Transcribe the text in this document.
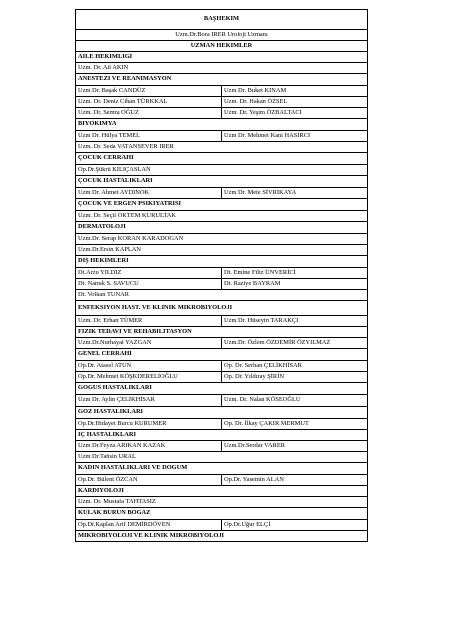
BAŞHEKİM
Uzm.Dr.Bora İRER Üroloji Uzmanı
UZMAN HEKİMLER
AİLE HEKİMLİĞİ
Uzm. Dr. Ali AKIN
ANESTEZİ VE REANİMASYON
Uzm Dr. Başak CANDÜZ	Uzm Dr. Buket KINAM
Uzm. Dr. Deniz Cihan TÜRKKAL	Uzm. Dr. Hakan ÖZSEL
Uzm. Dr. Semra OĞUZ	Uzm. Dr. Yeşim ÖZBALTACI
BİYOKİMYA
Uzm Dr. Hülya TEMEL	Uzm Dr. Mehmet Kani HASIRCI
Uzm. Dr. Seda VATANSEVER İRER
ÇOCUK CERRAHİ
Op.Dr.Şükrü KILIÇASLAN
ÇOCUK HASTALIKLARI
Uzm Dr. Ahmet AYDINOK	Uzm Dr. Mete SİVRİKAYA
ÇOCUK VE ERGEN PSİKİYATRİSİ
Uzm. Dr. Seçil ÖKTEM KURULTAK
DERMATOLOJİ
Uzm.Dr. Serap KÖRAN KARADOĞAN
Uzm.Dr.Ersin KAPLAN
DİŞ HEKİMLERİ
Dt.Arzu YILDIZ	Dt. Emine Filiz ÜNVERİCİ
Dt. Namık S. SAVUCU	Dt. Raziye BAYRAM
Dt. Volkan TUNAR
ENFEKSİYON HAST. VE KLİNİK MİKROBİYOLOJİ
Uzm. Dr. Erhan TÜMER	Uzm Dr. Hüseyin TARAKÇI
FİZİK TEDAVİ VE REHABİLİTASYON
Uzm.Dr.Nurhayat YAZGAN	Uzm.Dr. Özlem ÖZDEMİR ÖZYILMAZ
GENEL CERRAHİ
Op.Dr. Atasel ATUN	Op. Dr. Serhan ÇELİKHİSAR
Op.Dr. Mehmet KÖŞKDERELİOĞLU	Op. Dr. Yıldıray ŞİRİN
GÖĞÜS HASTALIKLARI
Uzm Dr. Aylin ÇELİKHİSAR	Uzm. Dr. Nalan KÖSEOĞLU
GÖZ HASTALIKLARI
Op.Dr.Hidayet Burcu KURUMER	Op. Dr. İlkay ÇAKIR MERMUT
İÇ HASTALIKLARI
Uzm Dr.Feyza ARIKAN KAZAK	Uzm.Dr.Serdar VARER
Uzm Dr.Tahsin URAL
KADIN HASTALIKLARI VE DOĞUM
Op.Dr. Bülent ÖZCAN	Op.Dr. Yasemin ALAN
KARDİYOLOJİ
Uzm. Dr. Mustafa TAHTASIZ
KULAK BURUN BOĞAZ
Op.Dr.Kaplan Arif DEMİRDÖVEN	Op.Dr.Uğur ELÇİ
MİKROBİYOLOJİ VE KLİNİK MİKROBİYOLOJİ
